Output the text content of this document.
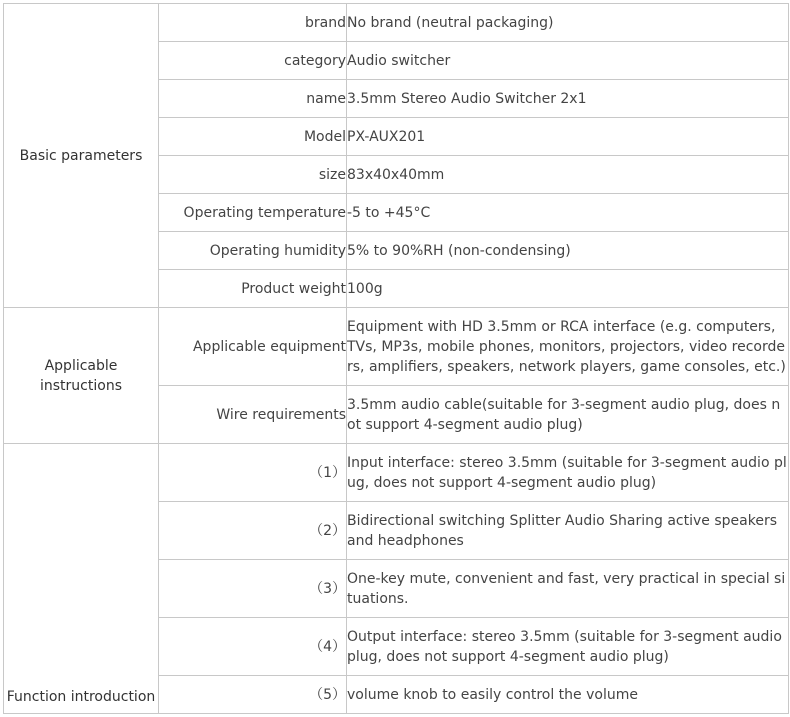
Basic parameters	brand	No brand (neutral packaging)

	category	Audio switcher

	name	3.5mm Stereo Audio Switcher 2x1

	Model	PX-AUX201

	size	83x40x40mm

	Operating temperature	-5 to +45°C

	Operating humidity	5% to 90%RH (non-condensing)

	Product weight	100g

Applicable instructions	Applicable equipment	Equipment with HD 3.5mm or RCA interface (e.g. computers, TVs, MP3s, mobile phones, monitors, projectors, video recorders, amplifiers, speakers, network players, game consoles, etc.)

	Wire requirements	3.5mm audio cable(suitable for 3-segment audio plug, does not support 4-segment audio plug)

Function introduction	（1）	Input interface: stereo 3.5mm (suitable for 3-segment audio plug, does not support 4-segment audio plug)

	（2）	Bidirectional switching Splitter Audio Sharing active speakers and headphones

	（3）	One-key mute, convenient and fast, very practical in special situations.

	（4）	Output interface: stereo 3.5mm (suitable for 3-segment audio plug, does not support 4-segment audio plug)

	（5）	volume knob to easily control the volume
